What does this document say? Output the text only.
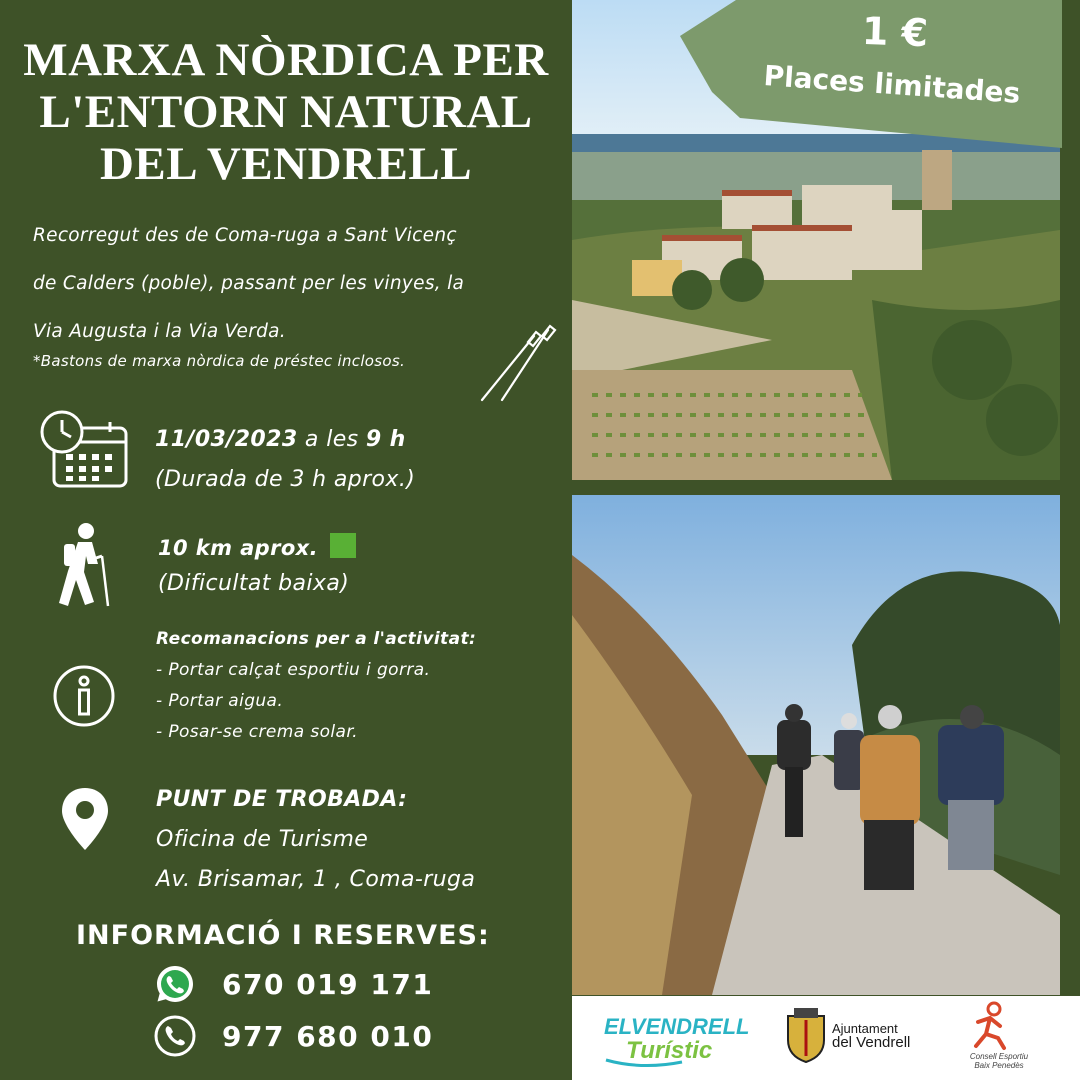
MARXA NÒRDICA PER
L'ENTORN NATURAL
DEL VENDRELL
Recorregut des de Coma-ruga a Sant Vicenç
de Calders (poble), passant per les vinyes, la
Via Augusta i la Via Verda.
*Bastons de marxa nòrdica de préstec inclosos.
11/03/2023 a les 9 h
(Durada de 3 h aprox.)
10 km aprox.
(Dificultat baixa)
Recomanacions per a l'activitat:
- Portar calçat esportiu i gorra.
- Portar aigua.
- Posar-se crema solar.
PUNT DE TROBADA:
Oficina de Turisme
Av. Brisamar, 1 , Coma-ruga
INFORMACIÓ I RESERVES:
670 019 171
977 680 010
1 €
Places limitades
ELVENDRELL
Turístic
Ajuntament
del Vendrell
Consell Esportiu
Baix Penedès
